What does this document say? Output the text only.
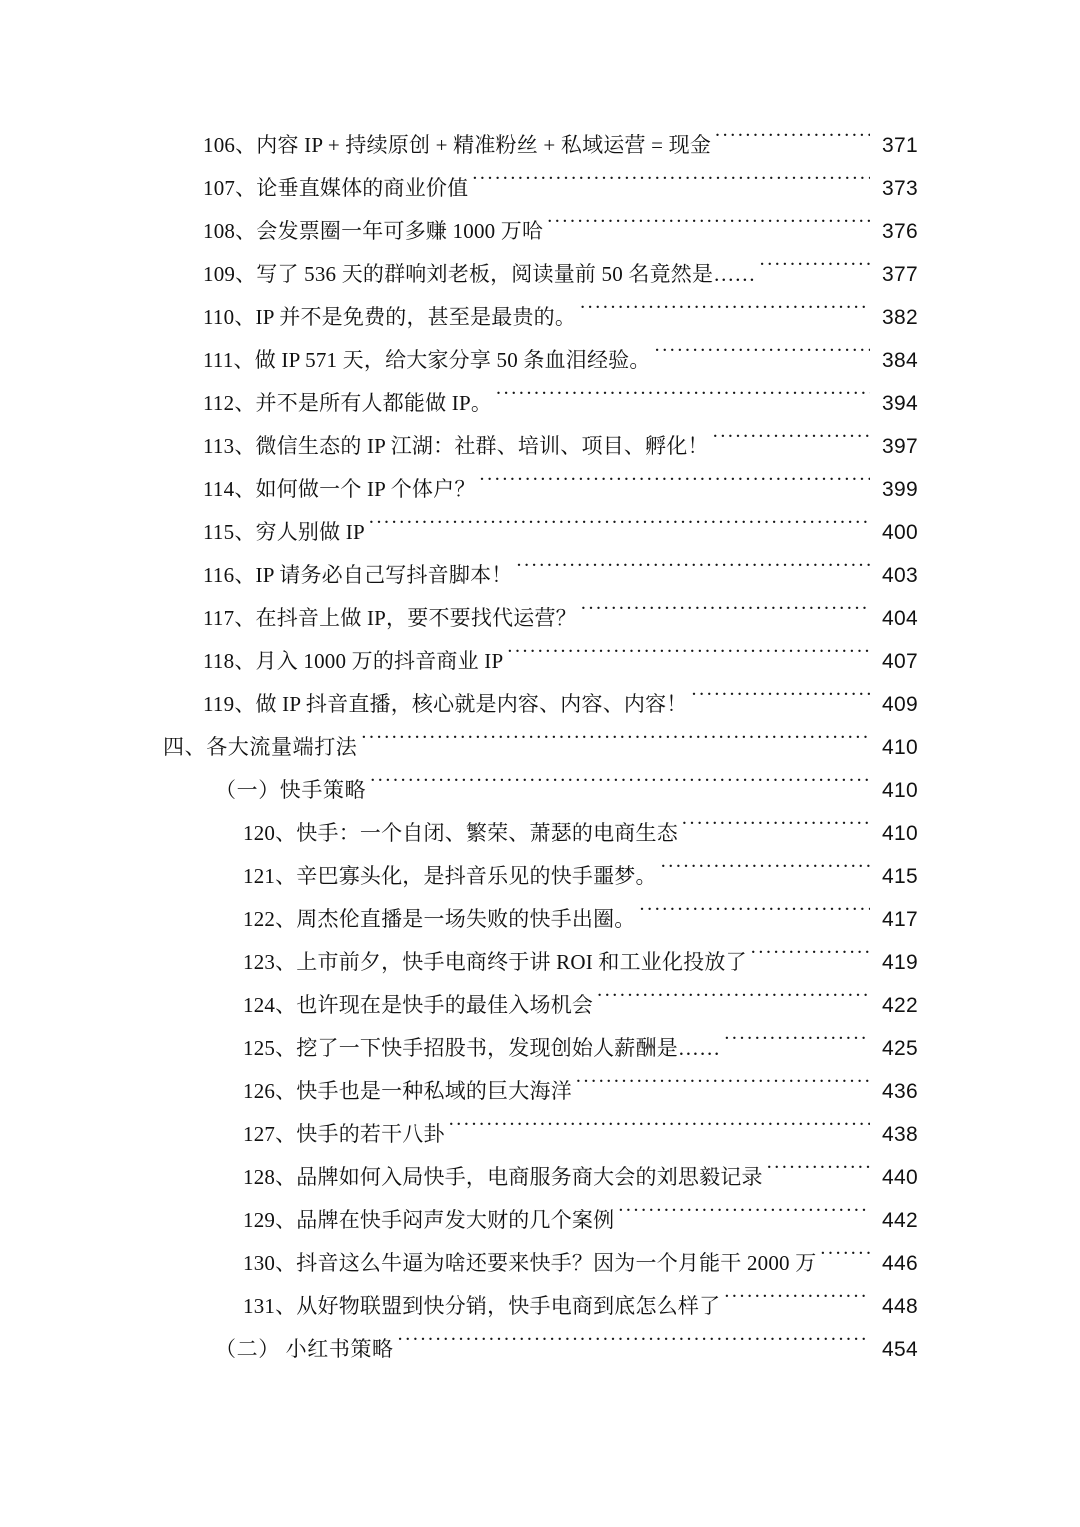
106、内容 IP + 持续原创 + 精准粉丝 + 私域运营 = 现金 . . .	371
107、论垂直媒体的商业价值 . . .	373
108、会发票圈一年可多赚 1000 万哈 . . .	376
109、写了 536 天的群响刘老板，阅读量前 50 名竟然是…… . . .	377
110、IP 并不是免费的，甚至是最贵的。 . . .	382
111、做 IP 571 天，给大家分享 50 条血泪经验。 . . .	384
112、并不是所有人都能做 IP。 . . .	394
113、微信生态的 IP 江湖：社群、培训、项目、孵化！ . . .	397
114、如何做一个 IP 个体户？ . . .	399
115、穷人别做 IP . . .	400
116、IP 请务必自己写抖音脚本！ . . .	403
117、在抖音上做 IP，要不要找代运营？ . . .	404
118、月入 1000 万的抖音商业 IP . . .	407
119、做 IP 抖音直播，核心就是内容、内容、内容！ . . .	409
四、各大流量端打法 . . .	410
（一）快手策略 . . .	410
120、快手：一个自闭、繁荣、萧瑟的电商生态 . . .	410
121、辛巴寡头化，是抖音乐见的快手噩梦。 . . .	415
122、周杰伦直播是一场失败的快手出圈。 . . .	417
123、上市前夕，快手电商终于讲 ROI 和工业化投放了 . . .	419
124、也许现在是快手的最佳入场机会 . . .	422
125、挖了一下快手招股书，发现创始人薪酬是…… . . .	425
126、快手也是一种私域的巨大海洋 . . .	436
127、快手的若干八卦 . . .	438
128、品牌如何入局快手，电商服务商大会的刘思毅记录 . . .	440
129、品牌在快手闷声发大财的几个案例 . . .	442
130、抖音这么牛逼为啥还要来快手？因为一个月能干 2000 万 . . .	446
131、从好物联盟到快分销，快手电商到底怎么样了 . . .	448
（二） 小红书策略 . . .	454
